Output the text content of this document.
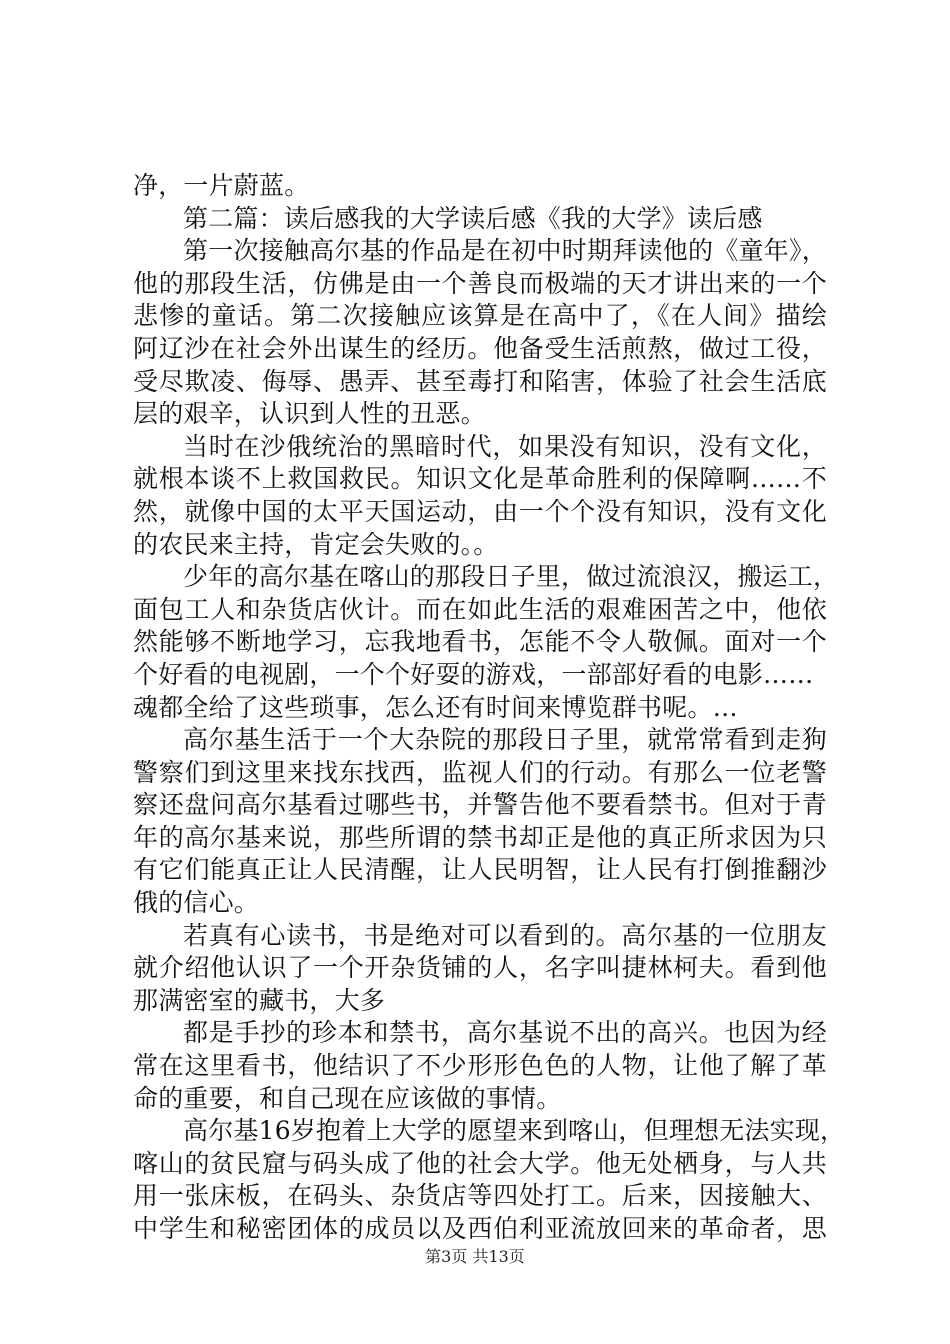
净，一片蔚蓝。
第二篇：读后感我的大学读后感《我的大学》读后感
第一次接触高尔基的作品是在初中时期拜读他的《童年》，
他的那段生活，仿佛是由一个善良而极端的天才讲出来的一个
悲惨的童话。第二次接触应该算是在高中了，《在人间》描绘
阿辽沙在社会外出谋生的经历。他备受生活煎熬，做过工役，
受尽欺凌、侮辱、愚弄、甚至毒打和陷害，体验了社会生活底
层的艰辛，认识到人性的丑恶。
当时在沙俄统治的黑暗时代，如果没有知识，没有文化，
就根本谈不上救国救民。知识文化是革命胜利的保障啊……不
然，就像中国的太平天国运动，由一个个没有知识，没有文化
的农民来主持，肯定会失败的。。
少年的高尔基在喀山的那段日子里，做过流浪汉，搬运工，
面包工人和杂货店伙计。而在如此生活的艰难困苦之中，他依
然能够不断地学习，忘我地看书，怎能不令人敬佩。面对一个
个好看的电视剧，一个个好耍的游戏，一部部好看的电影……
魂都全给了这些琐事，怎么还有时间来博览群书呢。…
高尔基生活于一个大杂院的那段日子里，就常常看到走狗
警察们到这里来找东找西，监视人们的行动。有那么一位老警
察还盘问高尔基看过哪些书，并警告他不要看禁书。但对于青
年的高尔基来说，那些所谓的禁书却正是他的真正所求因为只
有它们能真正让人民清醒，让人民明智，让人民有打倒推翻沙
俄的信心。
若真有心读书，书是绝对可以看到的。高尔基的一位朋友
就介绍他认识了一个开杂货铺的人，名字叫捷林柯夫。看到他
那满密室的藏书，大多
都是手抄的珍本和禁书，高尔基说不出的高兴。也因为经
常在这里看书，他结识了不少形形色色的人物，让他了解了革
命的重要，和自己现在应该做的事情。
高尔基16岁抱着上大学的愿望来到喀山，但理想无法实现，
喀山的贫民窟与码头成了他的社会大学。他无处栖身，与人共
用一张床板，在码头、杂货店等四处打工。后来，因接触大、
中学生和秘密团体的成员以及西伯利亚流放回来的革命者，思
第3页 共13页
